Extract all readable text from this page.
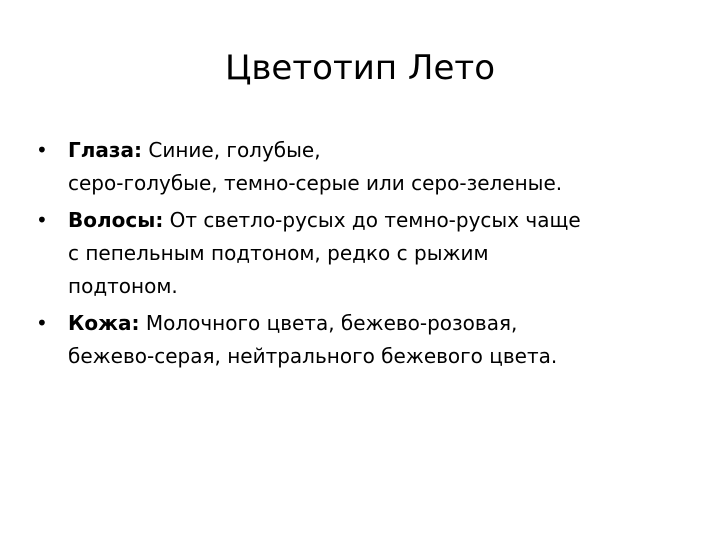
Цветотип Лето
• Глаза: Синие, голубые,
серо-голубые, темно-серые или серо-зеленые.
• Волосы: От светло-русых до темно-русых чаще
с пепельным подтоном, редко с рыжим
подтоном.
• Кожа: Молочного цвета, бежево-розовая,
бежево-серая, нейтрального бежевого цвета.
